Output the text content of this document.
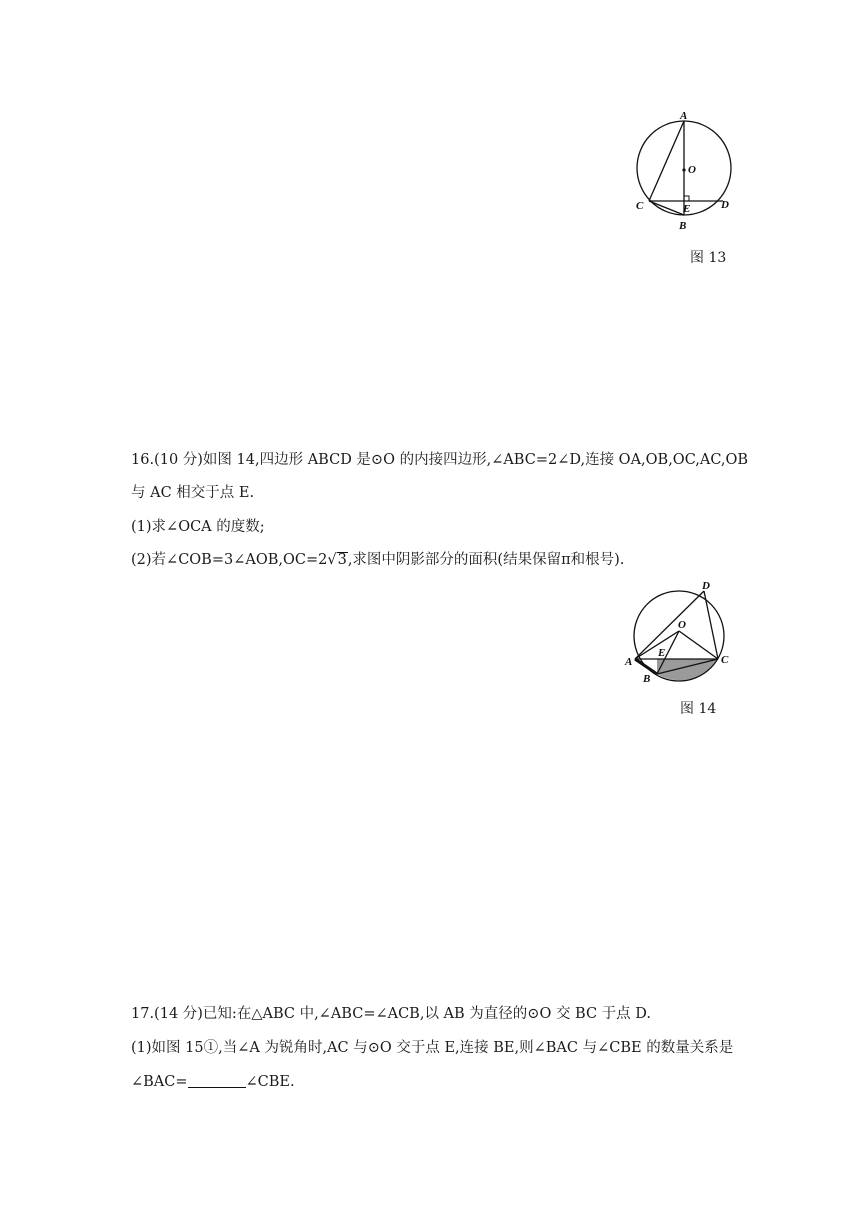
A
O
C	E	D
B
图 13
16.(10 分)如图 14,四边形 ABCD 是⊙O 的内接四边形,∠ABC=2∠D,连接 OA,OB,OC,AC,OB
与 AC 相交于点 E.
(1)求∠OCA 的度数;
(2)若∠COB=3∠AOB,OC=2√3,求图中阴影部分的面积(结果保留π和根号).
D
O
E
A	C
B
图 14
17.(14 分)已知:在△ABC 中,∠ABC=∠ACB,以 AB 为直径的⊙O 交 BC 于点 D.
(1)如图 15①,当∠A 为锐角时,AC 与⊙O 交于点 E,连接 BE,则∠BAC 与∠CBE 的数量关系是
∠BAC=	∠CBE.
